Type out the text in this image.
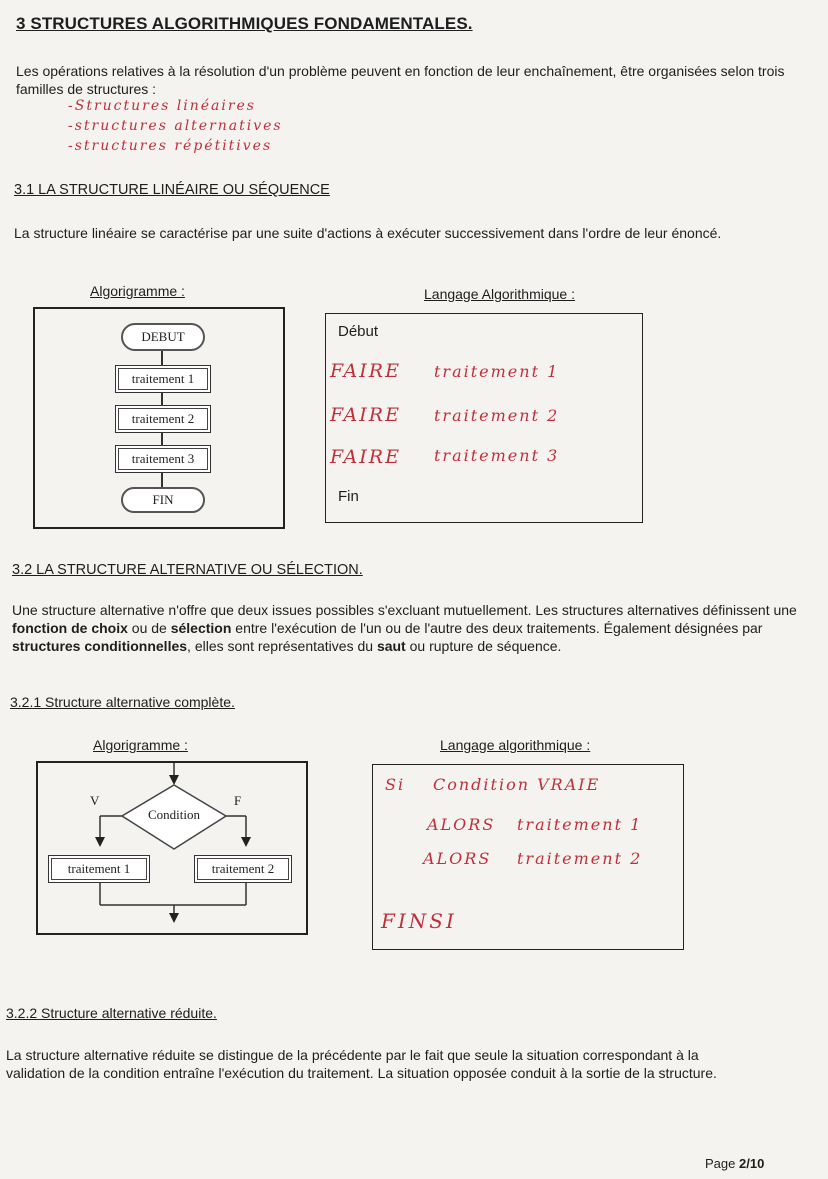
3 STRUCTURES ALGORITHMIQUES FONDAMENTALES.
Les opérations relatives à la résolution d'un problème peuvent en fonction de leur enchaînement, être organisées selon trois familles de structures :
-Structures linéaires
-structures alternatives
-structures répétitives
3.1 LA STRUCTURE LINÉAIRE OU SÉQUENCE
La structure linéaire se caractérise par une suite d'actions à exécuter successivement dans l'ordre de leur énoncé.
Algorigramme :	Langage Algorithmique :
DEBUT
traitement 1
traitement 2
traitement 3
FIN
Début
FAIRE traitement 1
FAIRE traitement 2
FAIRE traitement 3
Fin
3.2 LA STRUCTURE ALTERNATIVE OU SÉLECTION.
Une structure alternative n'offre que deux issues possibles s'excluant mutuellement. Les structures alternatives définissent une fonction de choix ou de sélection entre l'exécution de l'un ou de l'autre des deux traitements. Également désignées par structures conditionnelles, elles sont représentatives du saut ou rupture de séquence.
3.2.1 Structure alternative complète.
Algorigramme :	Langage algorithmique :
Condition
V	F
traitement 1	traitement 2
Si Condition VRAIE
ALORS traitement 1
ALORS traitement 2
FINSI
3.2.2 Structure alternative réduite.
La structure alternative réduite se distingue de la précédente par le fait que seule la situation correspondant à la validation de la condition entraîne l'exécution du traitement. La situation opposée conduit à la sortie de la structure.
Page 2/10
